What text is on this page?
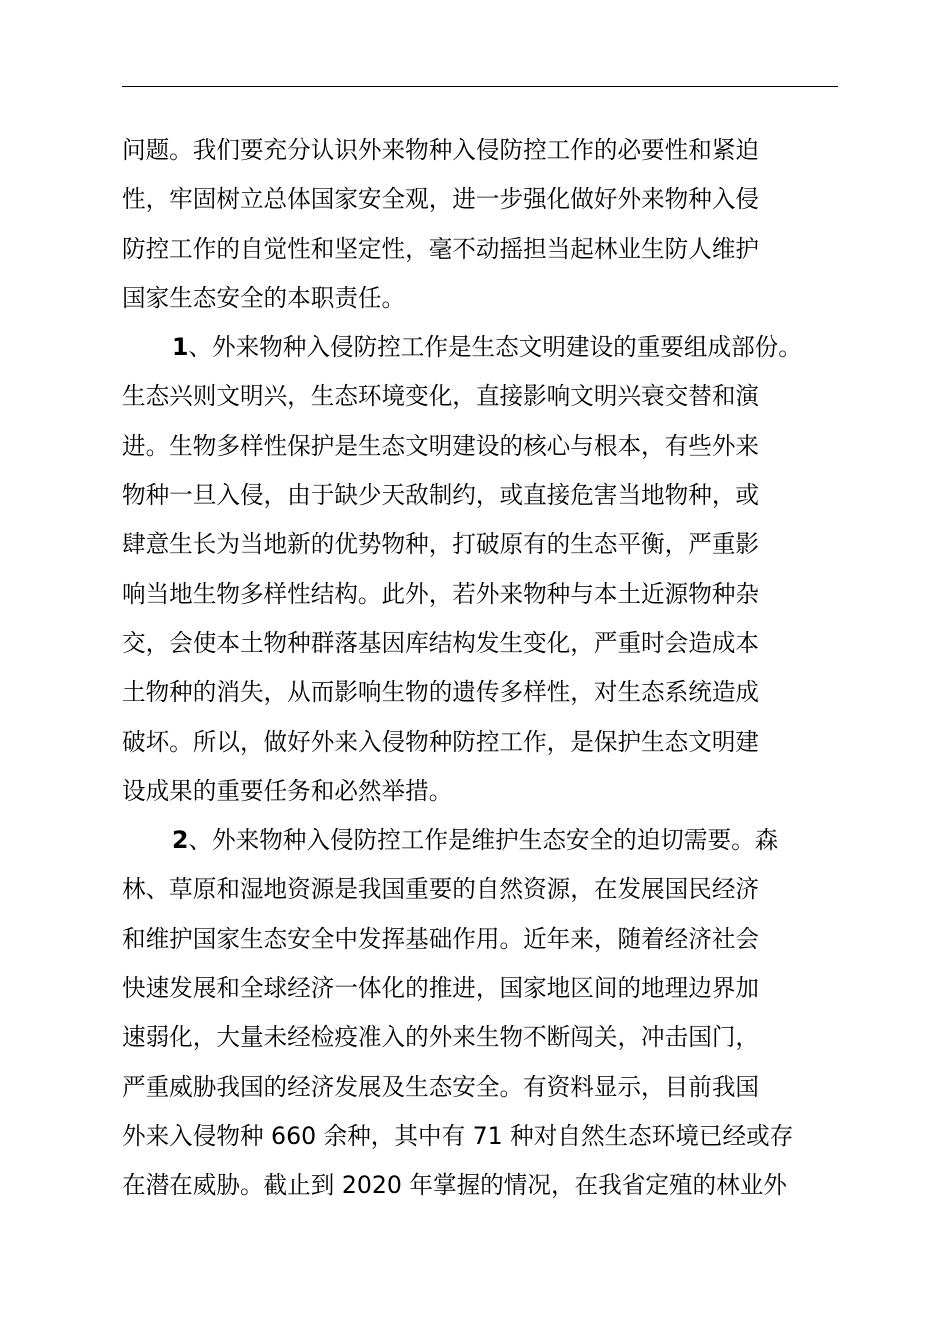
问题。我们要充分认识外来物种入侵防控工作的必要性和紧迫
性，牢固树立总体国家安全观，进一步强化做好外来物种入侵
防控工作的自觉性和坚定性，毫不动摇担当起林业生防人维护
国家生态安全的本职责任。
1、外来物种入侵防控工作是生态文明建设的重要组成部份。
生态兴则文明兴，生态环境变化，直接影响文明兴衰交替和演
进。生物多样性保护是生态文明建设的核心与根本，有些外来
物种一旦入侵，由于缺少天敌制约，或直接危害当地物种，或
肆意生长为当地新的优势物种，打破原有的生态平衡，严重影
响当地生物多样性结构。此外，若外来物种与本土近源物种杂
交，会使本土物种群落基因库结构发生变化，严重时会造成本
土物种的消失，从而影响生物的遗传多样性，对生态系统造成
破坏。所以，做好外来入侵物种防控工作，是保护生态文明建
设成果的重要任务和必然举措。
2、外来物种入侵防控工作是维护生态安全的迫切需要。森
林、草原和湿地资源是我国重要的自然资源，在发展国民经济
和维护国家生态安全中发挥基础作用。近年来，随着经济社会
快速发展和全球经济一体化的推进，国家地区间的地理边界加
速弱化，大量未经检疫准入的外来生物不断闯关，冲击国门，
严重威胁我国的经济发展及生态安全。有资料显示，目前我国
外来入侵物种 660 余种，其中有 71 种对自然生态环境已经或存
在潜在威胁。截止到 2020 年掌握的情况，在我省定殖的林业外
